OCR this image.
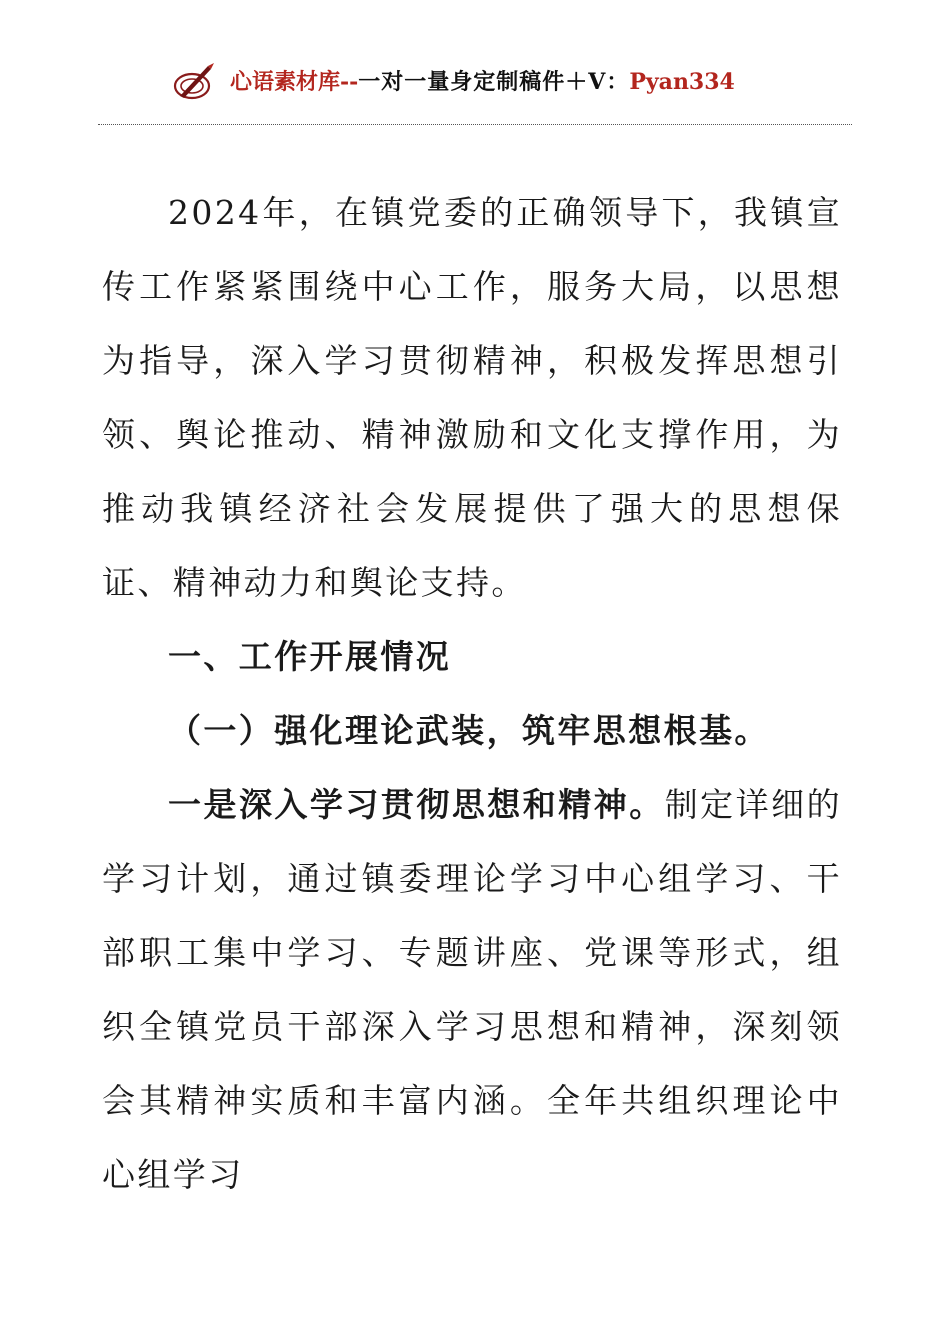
心语素材库--一对一量身定制稿件＋V：Pyan334

2024年，在镇党委的正确领导下，我镇宣传工作紧紧围绕中心工作，服务大局，以思想为指导，深入学习贯彻精神，积极发挥思想引领、舆论推动、精神激励和文化支撑作用，为推动我镇经济社会发展提供了强大的思想保证、精神动力和舆论支持。

一、工作开展情况

（一）强化理论武装，筑牢思想根基。

一是深入学习贯彻思想和精神。制定详细的学习计划，通过镇委理论学习中心组学习、干部职工集中学习、专题讲座、党课等形式，组织全镇党员干部深入学习思想和精神，深刻领会其精神实质和丰富内涵。全年共组织理论中心组学习
